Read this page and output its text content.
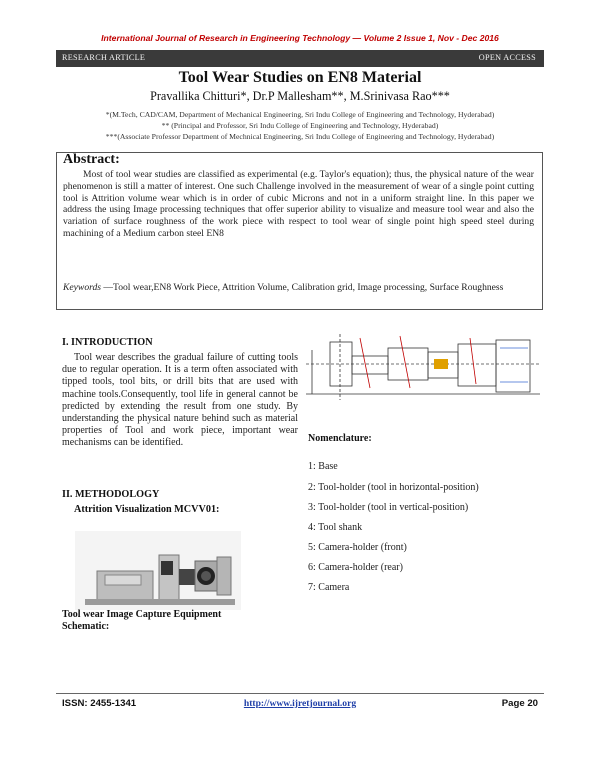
International Journal of Research in Engineering Technology — Volume 2 Issue 1, Nov - Dec 2016
RESEARCH ARTICLE	OPEN ACCESS
Tool Wear Studies on EN8 Material
Pravallika Chitturi*, Dr.P Mallesham**, M.Srinivasa Rao***
*(M.Tech, CAD/CAM, Department of Mechanical Engineering, Sri Indu College of Engineering and Technology, Hyderabad)
** (Principal and Professor, Sri Indu College of Engineering and Technology, Hyderabad)
***(Associate Professor Department of Mechnical Engineering, Sri Indu College of Engineering and Technology, Hyderabad)
Abstract:
Most of tool wear studies are classified as experimental (e.g. Taylor's equation); thus, the physical nature of the wear phenomenon is still a matter of interest. One such Challenge involved in the measurement of wear of a single point cutting tool is Attrition volume wear which is in order of cubic Microns and not in a uniform straight line. In this paper we address the using Image processing techniques that offer superior ability to visualize and measure tool wear and also the variation of surface roughness of the work piece with respect to tool wear of single point high speed steel during machining of a Medium carbon steel EN8
Keywords —Tool wear,EN8 Work Piece, Attrition Volume, Calibration grid, Image processing, Surface Roughness
I. INTRODUCTION
Tool wear describes the gradual failure of cutting tools due to regular operation. It is a term often associated with tipped tools, tool bits, or drill bits that are used with machine tools.Consequently, tool life in general cannot be predicted by extending the result from one study. By understanding the physical nature behind such as material properties of Tool and work piece, important wear mechanisms can be identified.
II. METHODOLOGY
Attrition Visualization MCVV01:
Tool wear Image Capture Equipment
Schematic:
Nomenclature:
1: Base
2: Tool-holder (tool in horizontal-position)
3: Tool-holder (tool in vertical-position)
4: Tool shank
5: Camera-holder (front)
6: Camera-holder (rear)
7: Camera
ISSN: 2455-1341	http://www.ijretjournal.org	Page 20
